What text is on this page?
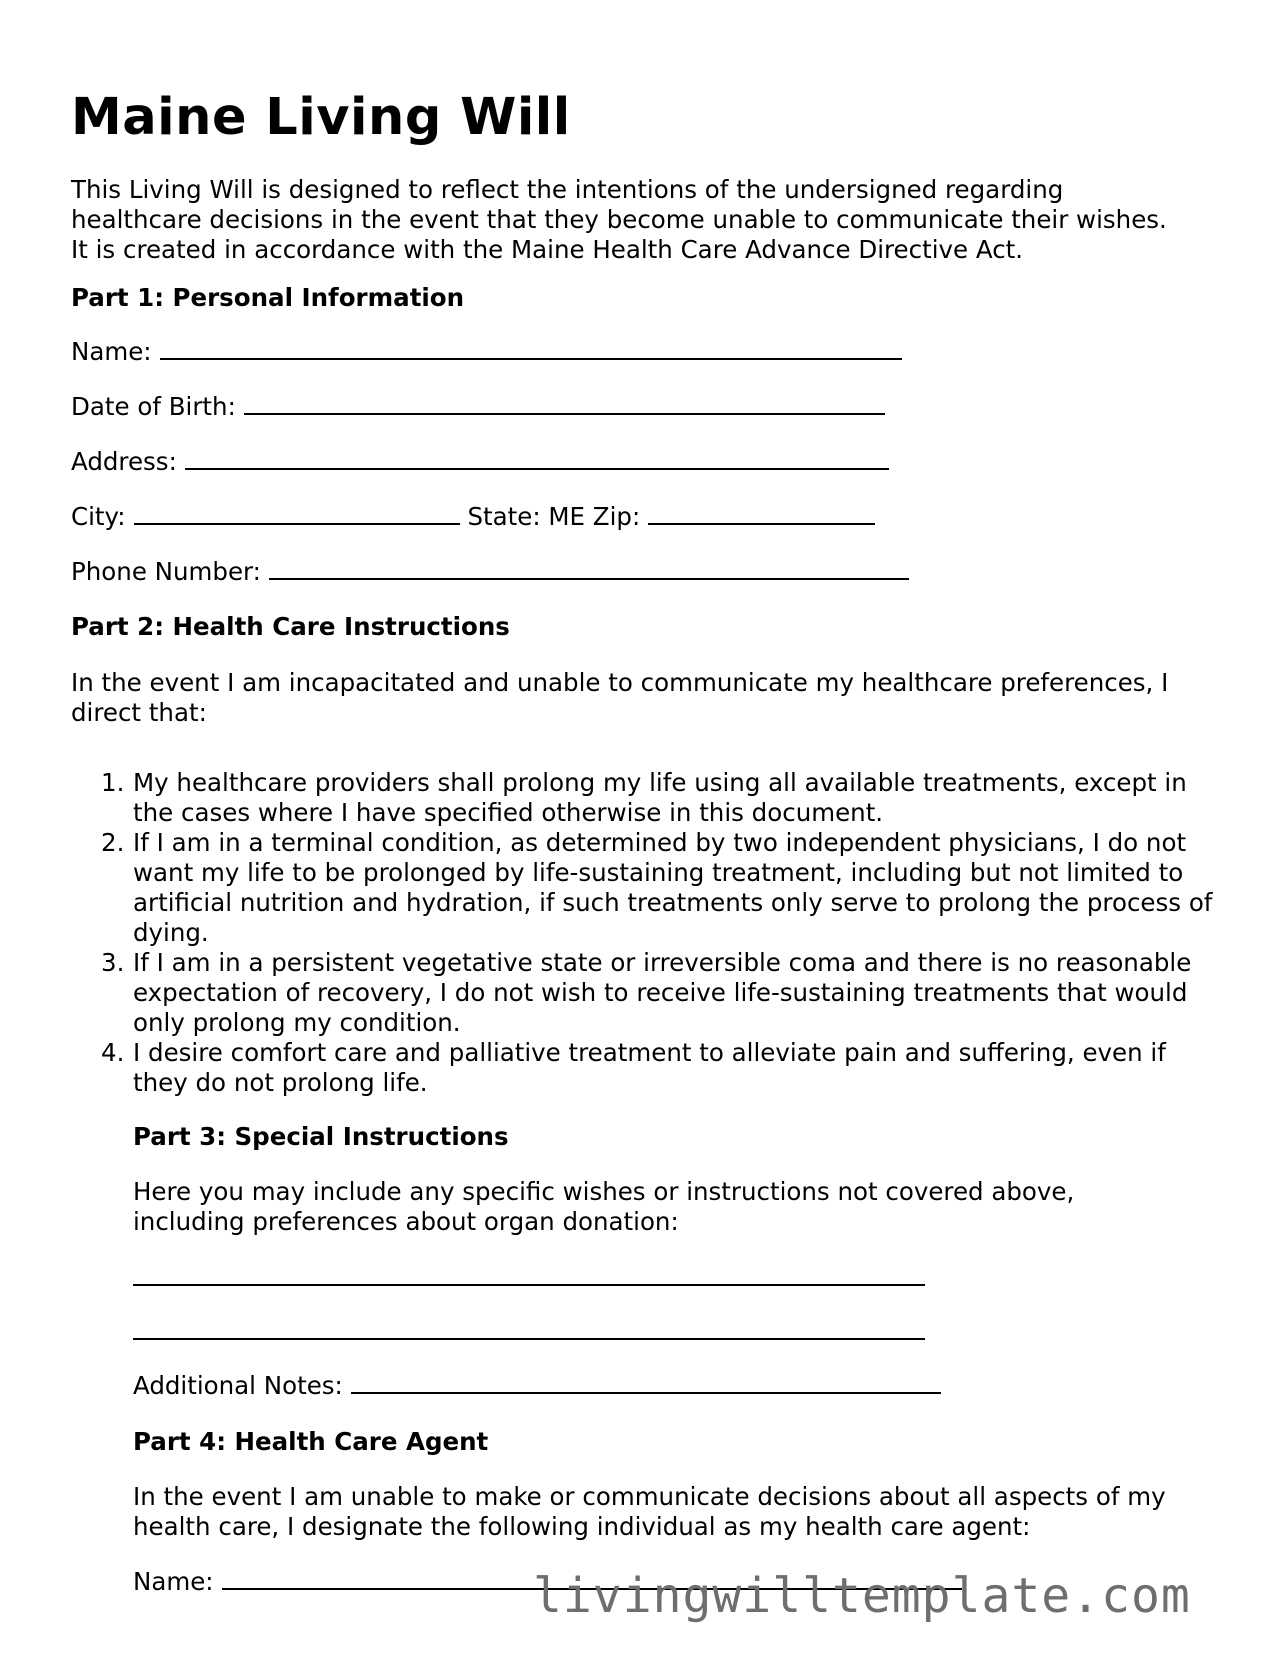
Maine Living Will

This Living Will is designed to reflect the intentions of the undersigned regarding healthcare decisions in the event that they become unable to communicate their wishes. It is created in accordance with the Maine Health Care Advance Directive Act.

Part 1: Personal Information

Name:
Date of Birth:
Address:
City:	State: ME Zip:
Phone Number:

Part 2: Health Care Instructions

In the event I am incapacitated and unable to communicate my healthcare preferences, I direct that:

1. My healthcare providers shall prolong my life using all available treatments, except in the cases where I have specified otherwise in this document.
2. If I am in a terminal condition, as determined by two independent physicians, I do not want my life to be prolonged by life-sustaining treatment, including but not limited to artificial nutrition and hydration, if such treatments only serve to prolong the process of dying.
3. If I am in a persistent vegetative state or irreversible coma and there is no reasonable expectation of recovery, I do not wish to receive life-sustaining treatments that would only prolong my condition.
4. I desire comfort care and palliative treatment to alleviate pain and suffering, even if they do not prolong life.

Part 3: Special Instructions

Here you may include any specific wishes or instructions not covered above, including preferences about organ donation:

Additional Notes:

Part 4: Health Care Agent

In the event I am unable to make or communicate decisions about all aspects of my health care, I designate the following individual as my health care agent:

Name:	livingwilltemplate.com
